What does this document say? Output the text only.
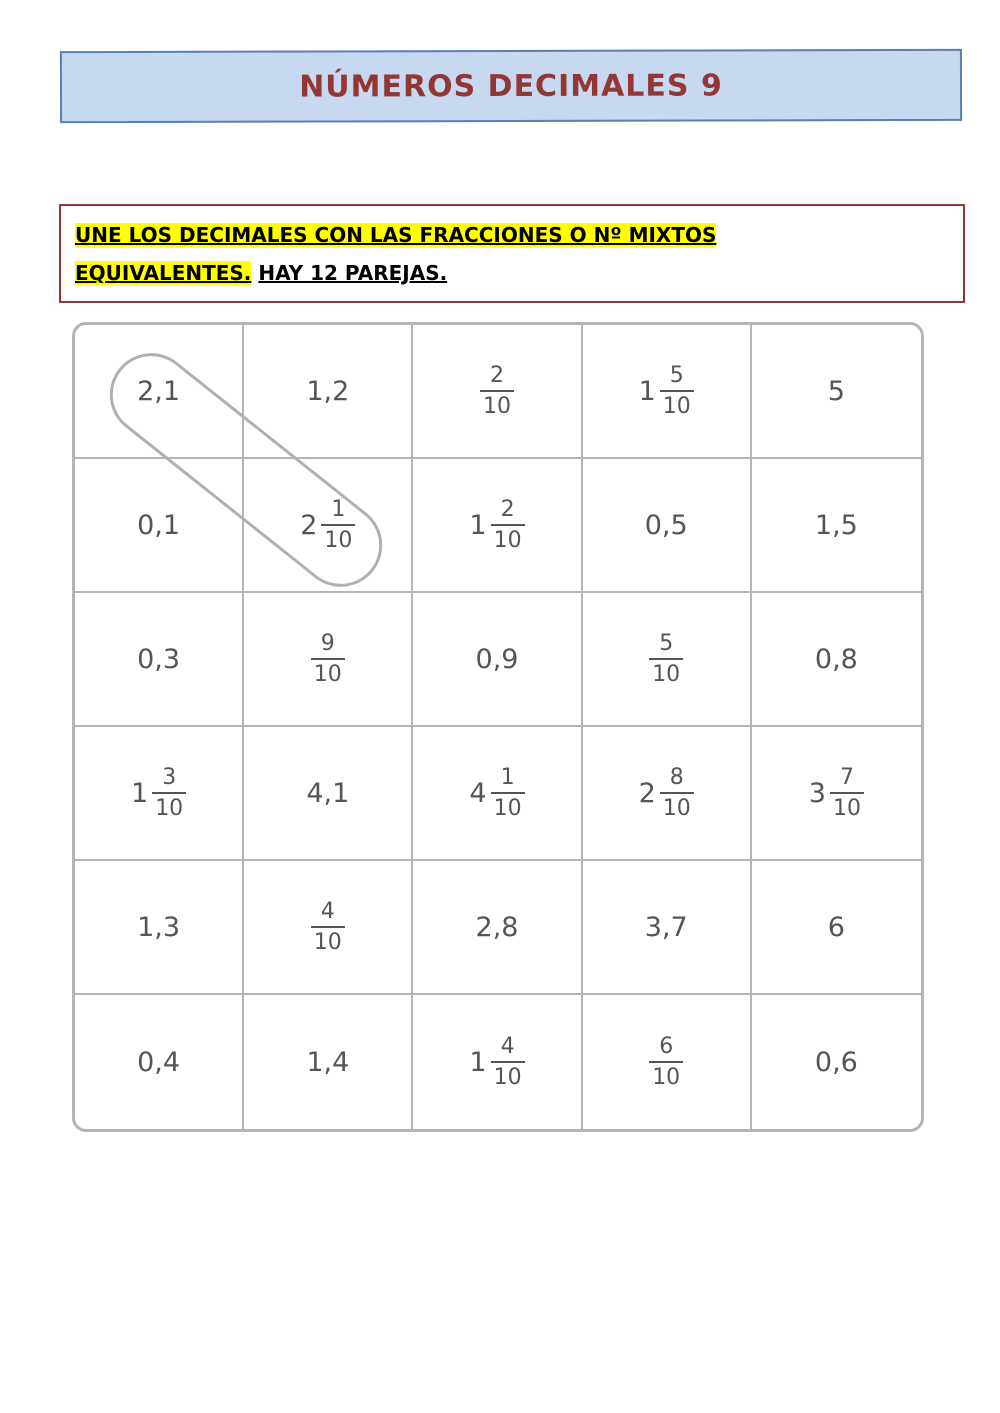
NÚMEROS DECIMALES 9
UNE LOS DECIMALES CON LAS FRACCIONES O Nº MIXTOS
EQUIVALENTES. HAY 12 PAREJAS.
2,1	1,2	$\frac{2}{10}$	$1 \frac{5}{10}$	5
0,1	$2 \frac{1}{10}$	$1 \frac{2}{10}$	0,5	1,5
0,3	$\frac{9}{10}$	0,9	$\frac{5}{10}$	0,8
$1 \frac{3}{10}$	4,1	$4 \frac{1}{10}$	$2 \frac{8}{10}$	$3 \frac{7}{10}$
1,3	$\frac{4}{10}$	2,8	3,7	6
0,4	1,4	$1 \frac{4}{10}$	$\frac{6}{10}$	0,6
